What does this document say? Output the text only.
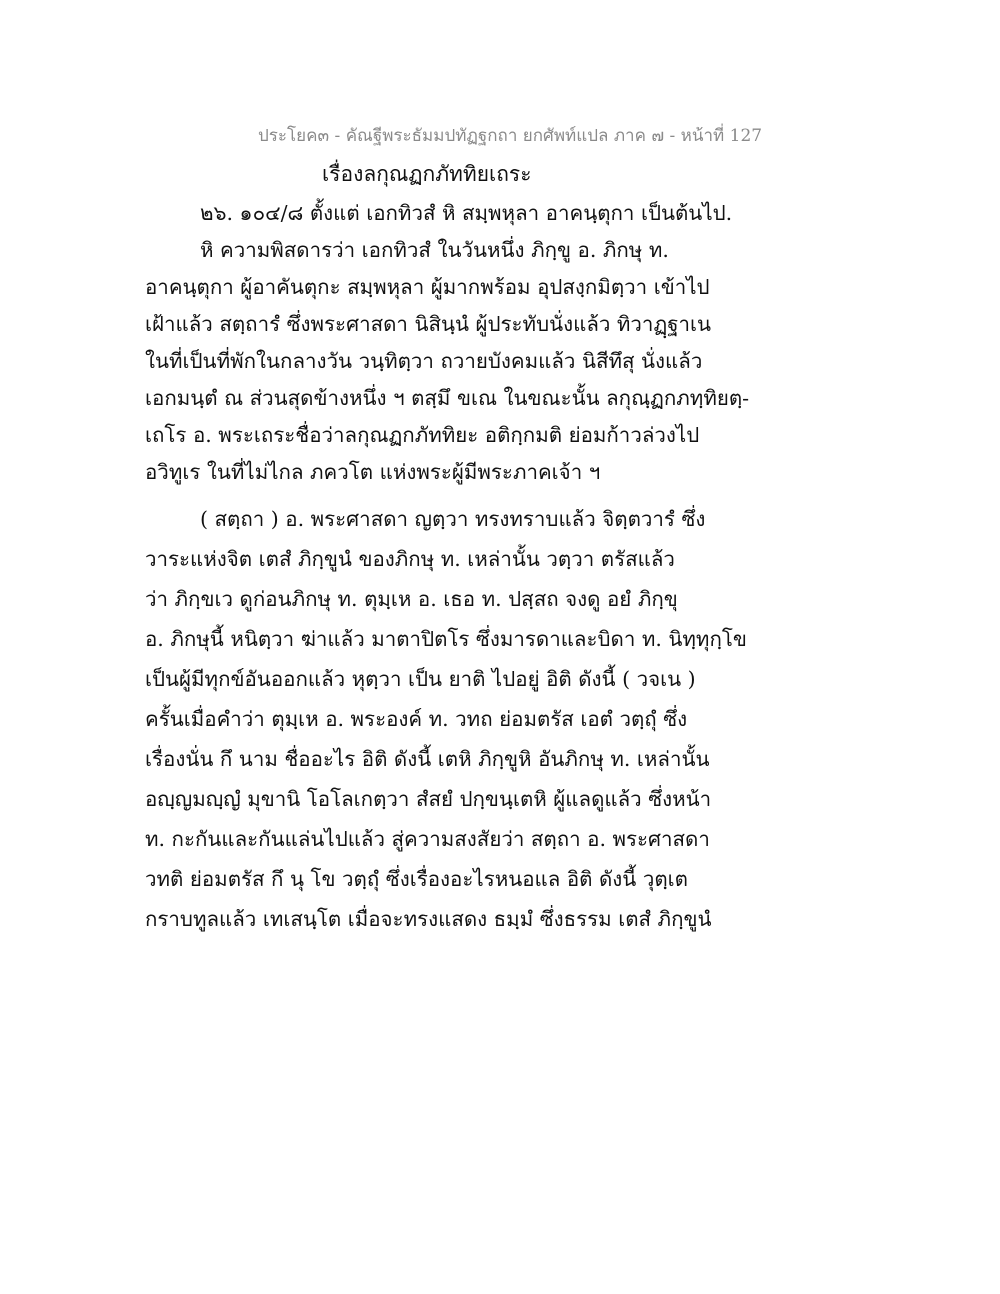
ประโยค๓ - คัณฐีพระธัมมปทัฏฐกถา ยกศัพท์แปล ภาค ๗ - หน้าที่ 127
เรื่องลกุณฏกภัททิยเถระ
๒๖. ๑๐๔/๘ ตั้งแต่ เอกทิวสํ หิ สมฺพหุลา อาคนฺตุกา เป็นต้นไป.
หิ ความพิสดารว่า เอกทิวสํ ในวันหนึ่ง ภิกฺขู อ. ภิกษุ ท.
อาคนฺตุกา ผู้อาคันตุกะ สมฺพหุลา ผู้มากพร้อม อุปสงฺกมิตฺวา เข้าไป
เฝ้าแล้ว สตฺถารํ ซึ่งพระศาสดา นิสินฺนํ ผู้ประทับนั่งแล้ว ทิวาฏฺฐาเน
ในที่เป็นที่พักในกลางวัน วนฺทิตฺวา ถวายบังคมแล้ว นิสีทึสุ นั่งแล้ว
เอกมนฺตํ ณ ส่วนสุดข้างหนึ่ง ฯ ตสฺมึ ขเณ ในขณะนั้น ลกุณฺฏกภทฺทิยตฺ-
เถโร อ. พระเถระชื่อว่าลกุณฏกภัททิยะ อติกฺกมติ ย่อมก้าวล่วงไป
อวิทูเร ในที่ไม่ไกล ภควโต แห่งพระผู้มีพระภาคเจ้า ฯ
( สตฺถา ) อ. พระศาสดา ญตฺวา ทรงทราบแล้ว จิตฺตวารํ ซึ่ง
วาระแห่งจิต เตสํ ภิกฺขูนํ ของภิกษุ ท. เหล่านั้น วตฺวา ตรัสแล้ว
ว่า ภิกฺขเว ดูก่อนภิกษุ ท. ตุมฺเห อ. เธอ ท. ปสฺสถ จงดู อยํ ภิกฺขุ
อ. ภิกษุนี้ หนิตฺวา ฆ่าแล้ว มาตาปิตโร ซึ่งมารดาและบิดา ท. นิทฺทุกฺโข
เป็นผู้มีทุกข์อันออกแล้ว หุตฺวา เป็น ยาติ ไปอยู่ อิติ ดังนี้ ( วจเน )
ครั้นเมื่อคำว่า ตุมฺเห อ. พระองค์ ท. วทถ ย่อมตรัส เอตํ วตฺถุํ ซึ่ง
เรื่องนั่น กึ นาม ชื่ออะไร อิติ ดังนี้ เตหิ ภิกฺขูหิ อันภิกษุ ท. เหล่านั้น
อญฺญมญฺญํ มุขานิ โอโลเกตฺวา สํสยํ ปกฺขนฺเตหิ ผู้แลดูแล้ว ซึ่งหน้า
ท. กะกันและกันแล่นไปแล้ว สู่ความสงสัยว่า สตฺถา อ. พระศาสดา
วทติ ย่อมตรัส กึ นุ โข วตฺถุํ ซึ่งเรื่องอะไรหนอแล อิติ ดังนี้ วุตฺเต
กราบทูลแล้ว เทเสนฺโต เมื่อจะทรงแสดง ธมฺมํ ซึ่งธรรม เตสํ ภิกฺขูนํ
